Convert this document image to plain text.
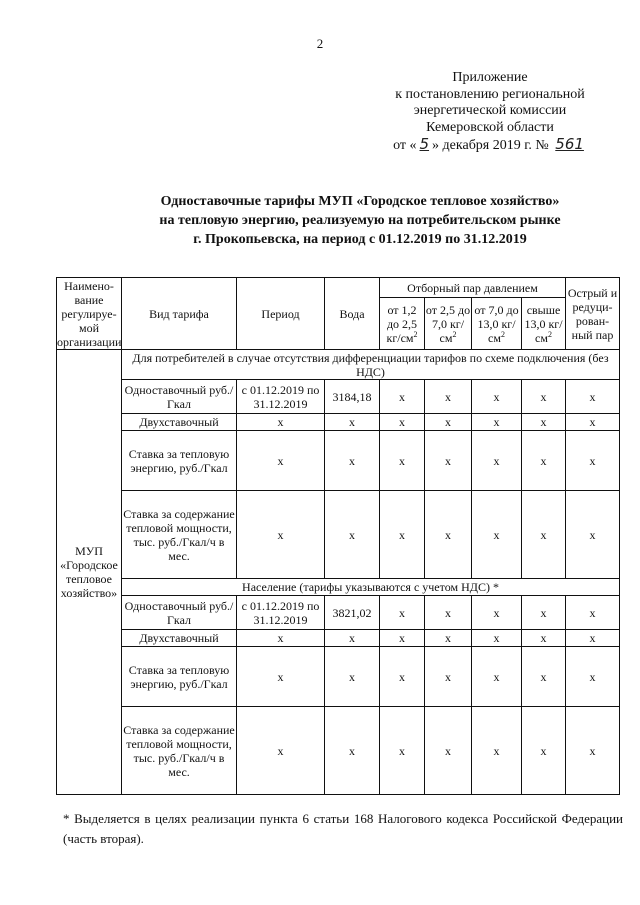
2
Приложение
к постановлению региональной
энергетической комиссии
Кемеровской области
от « 5 » декабря 2019 г. № 561
Одноставочные тарифы МУП «Городское тепловое хозяйство»
на тепловую энергию, реализуемую на потребительском рынке
г. Прокопьевска, на период с 01.12.2019 по 31.12.2019
Наимено-вание регулируе-мой организации	Вид тарифа	Период	Вода	Отборный пар давлением				Острый и редуци-рован-ный пар
				от 1,2 до 2,5 $кг/см^2$	от 2,5 до 7,0 $кг/см^2$	от 7,0 до 13,0 $кг/см^2$	свыше 13,0 $кг/см^2$
МУП «Городское тепловое хозяйство»	Для потребителей в случае отсутствия дифференциации тарифов по схеме подключения (без НДС)							
	Одноставочный руб./Гкал	с 01.12.2019 по 31.12.2019	3184,18	x	x	x	x	x
	Двухставочный	x	x	x	x	x	x	x
	Ставка за тепловую энергию, руб./Гкал	x	x	x	x	x	x	x
	Ставка за содержание тепловой мощности, тыс. руб./Гкал/ч в мес.	x	x	x	x	x	x	x
	Население (тарифы указываются с учетом НДС) *							
	Одноставочный руб./Гкал	с 01.12.2019 по 31.12.2019	3821,02	x	x	x	x	x
	Двухставочный	x	x	x	x	x	x	x
	Ставка за тепловую энергию, руб./Гкал	x	x	x	x	x	x	x
	Ставка за содержание тепловой мощности, тыс. руб./Гкал/ч в мес.	x	x	x	x	x	x	x
* Выделяется в целях реализации пункта 6 статьи 168 Налогового кодекса Российской Федерации (часть вторая).
